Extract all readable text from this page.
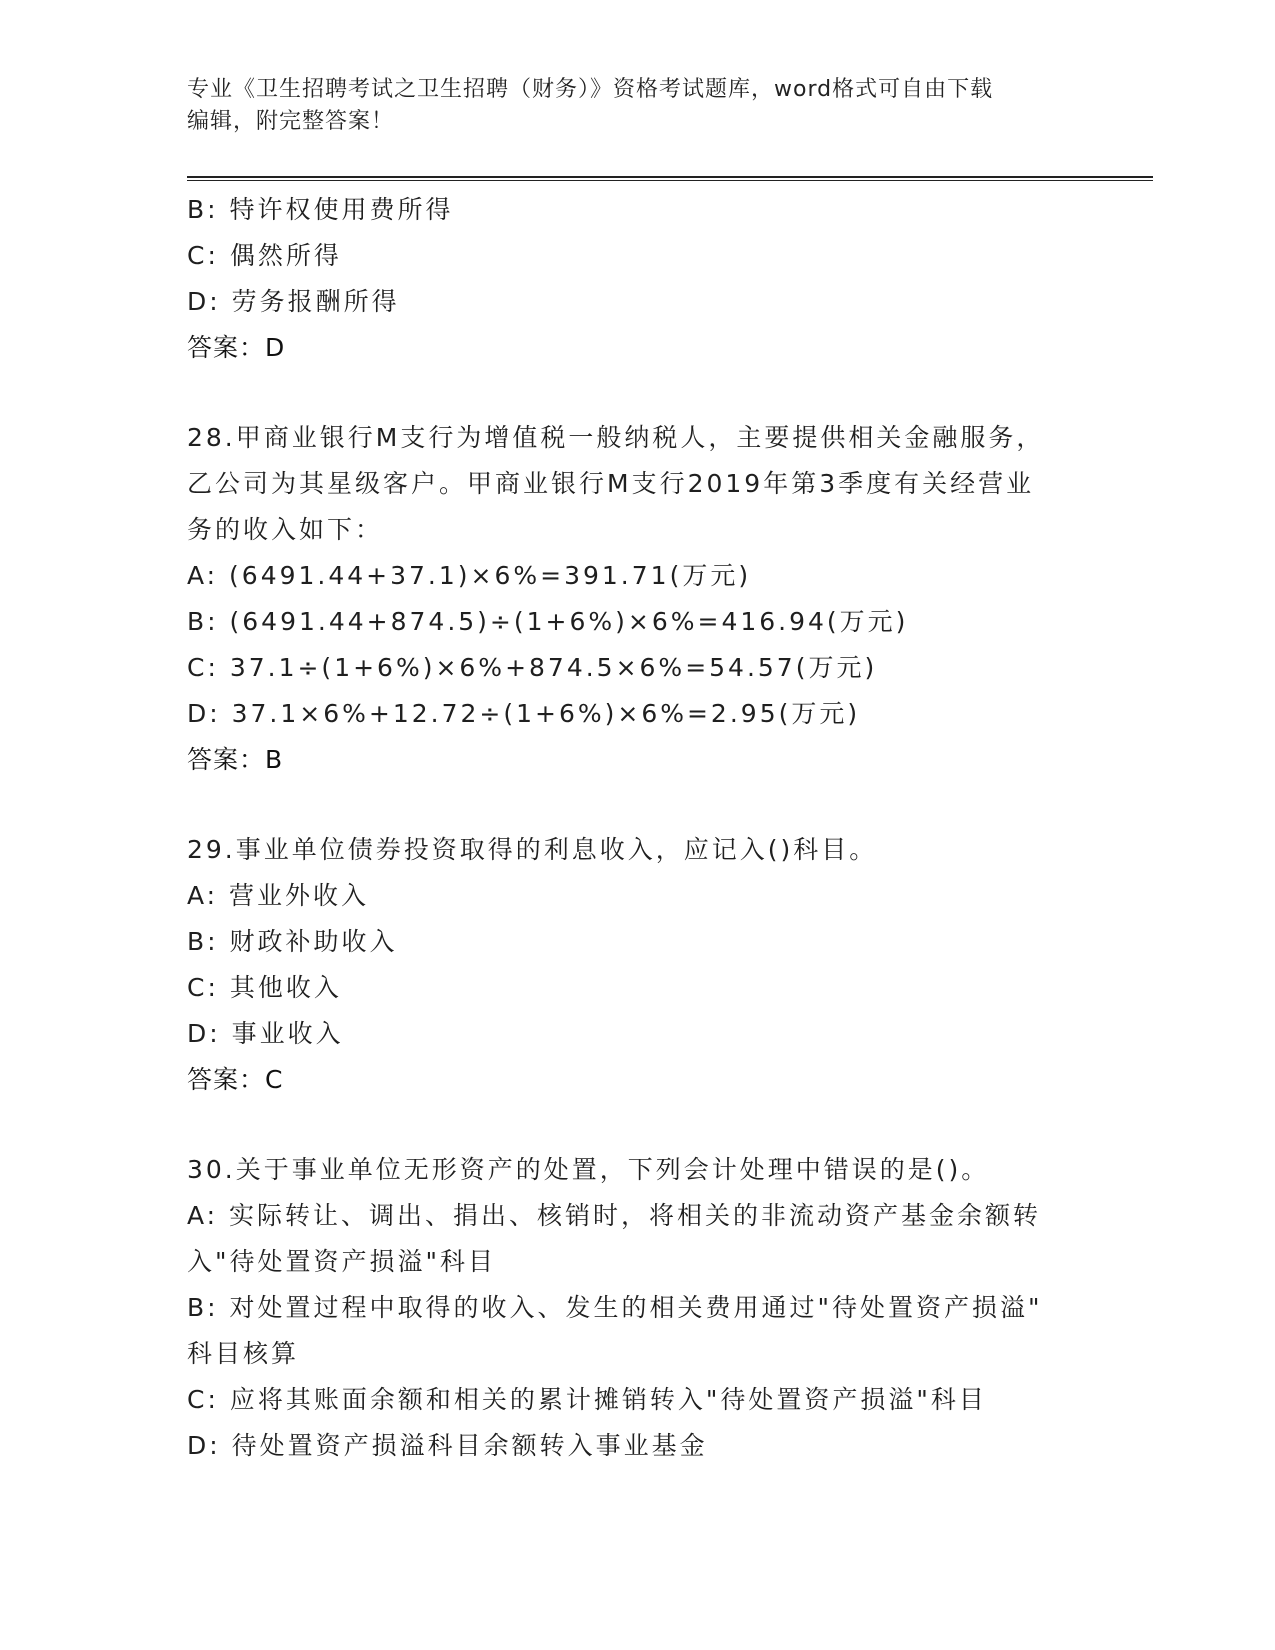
专业《卫生招聘考试之卫生招聘（财务）》资格考试题库，word格式可自由下载
编辑，附完整答案！
B: 特许权使用费所得
C: 偶然所得
D: 劳务报酬所得
答案：D
28.甲商业银行M支行为增值税一般纳税人，主要提供相关金融服务，
乙公司为其星级客户。甲商业银行M支行2019年第3季度有关经营业
务的收入如下：
A: (6491.44+37.1)×6%=391.71(万元)
B: (6491.44+874.5)÷(1+6%)×6%=416.94(万元)
C: 37.1÷(1+6%)×6%+874.5×6%=54.57(万元)
D: 37.1×6%+12.72÷(1+6%)×6%=2.95(万元)
答案：B
29.事业单位债券投资取得的利息收入，应记入()科目。
A: 营业外收入
B: 财政补助收入
C: 其他收入
D: 事业收入
答案：C
30.关于事业单位无形资产的处置，下列会计处理中错误的是()。
A: 实际转让、调出、捐出、核销时，将相关的非流动资产基金余额转
入"待处置资产损溢"科目
B: 对处置过程中取得的收入、发生的相关费用通过"待处置资产损溢"
科目核算
C: 应将其账面余额和相关的累计摊销转入"待处置资产损溢"科目
D: 待处置资产损溢科目余额转入事业基金
